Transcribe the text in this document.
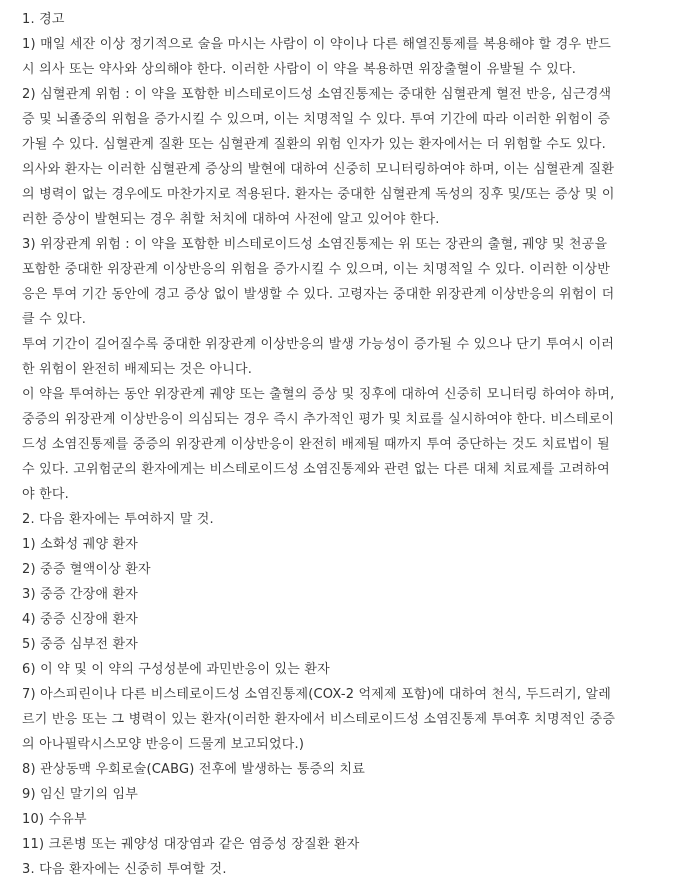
1. 경고
1) 매일 세잔 이상 정기적으로 술을 마시는 사람이 이 약이나 다른 해열진통제를 복용해야 할 경우 반드
시 의사 또는 약사와 상의해야 한다. 이러한 사람이 이 약을 복용하면 위장출혈이 유발될 수 있다.
2) 심혈관계 위험 : 이 약을 포함한 비스테로이드성 소염진통제는 중대한 심혈관계 혈전 반응, 심근경색
증 및 뇌졸중의 위험을 증가시킬 수 있으며, 이는 치명적일 수 있다. 투여 기간에 따라 이러한 위험이 증
가될 수 있다. 심혈관계 질환 또는 심혈관계 질환의 위험 인자가 있는 환자에서는 더 위험할 수도 있다.
의사와 환자는 이러한 심혈관계 증상의 발현에 대하여 신중히 모니터링하여야 하며, 이는 심혈관계 질환
의 병력이 없는 경우에도 마찬가지로 적용된다. 환자는 중대한 심혈관계 독성의 징후 및/또는 증상 및 이
러한 증상이 발현되는 경우 취할 처치에 대하여 사전에 알고 있어야 한다.
3) 위장관계 위험 : 이 약을 포함한 비스테로이드성 소염진통제는 위 또는 장관의 출혈, 궤양 및 천공을
포함한 중대한 위장관계 이상반응의 위험을 증가시킬 수 있으며, 이는 치명적일 수 있다. 이러한 이상반
응은 투여 기간 동안에 경고 증상 없이 발생할 수 있다. 고령자는 중대한 위장관계 이상반응의 위험이 더
클 수 있다.
투여 기간이 길어질수록 중대한 위장관계 이상반응의 발생 가능성이 증가될 수 있으나 단기 투여시 이러
한 위험이 완전히 배제되는 것은 아니다.
이 약을 투여하는 동안 위장관계 궤양 또는 출혈의 증상 및 징후에 대하여 신중히 모니터링 하여야 하며,
중증의 위장관계 이상반응이 의심되는 경우 즉시 추가적인 평가 및 치료를 실시하여야 한다. 비스테로이
드성 소염진통제를 중증의 위장관계 이상반응이 완전히 배제될 때까지 투여 중단하는 것도 치료법이 될
수 있다. 고위험군의 환자에게는 비스테로이드성 소염진통제와 관련 없는 다른 대체 치료제를 고려하여
야 한다.
2. 다음 환자에는 투여하지 말 것.
1) 소화성 궤양 환자
2) 중증 혈액이상 환자
3) 중증 간장애 환자
4) 중증 신장애 환자
5) 중증 심부전 환자
6) 이 약 및 이 약의 구성성분에 과민반응이 있는 환자
7) 아스피린이나 다른 비스테로이드성 소염진통제(COX-2 억제제 포함)에 대하여 천식, 두드러기, 알레
르기 반응 또는 그 병력이 있는 환자(이러한 환자에서 비스테로이드성 소염진통제 투여후 치명적인 중증
의 아나필락시스모양 반응이 드물게 보고되었다.)
8) 관상동맥 우회로술(CABG) 전후에 발생하는 통증의 치료
9) 임신 말기의 임부
10) 수유부
11) 크론병 또는 궤양성 대장염과 같은 염증성 장질환 환자
3. 다음 환자에는 신중히 투여할 것.
